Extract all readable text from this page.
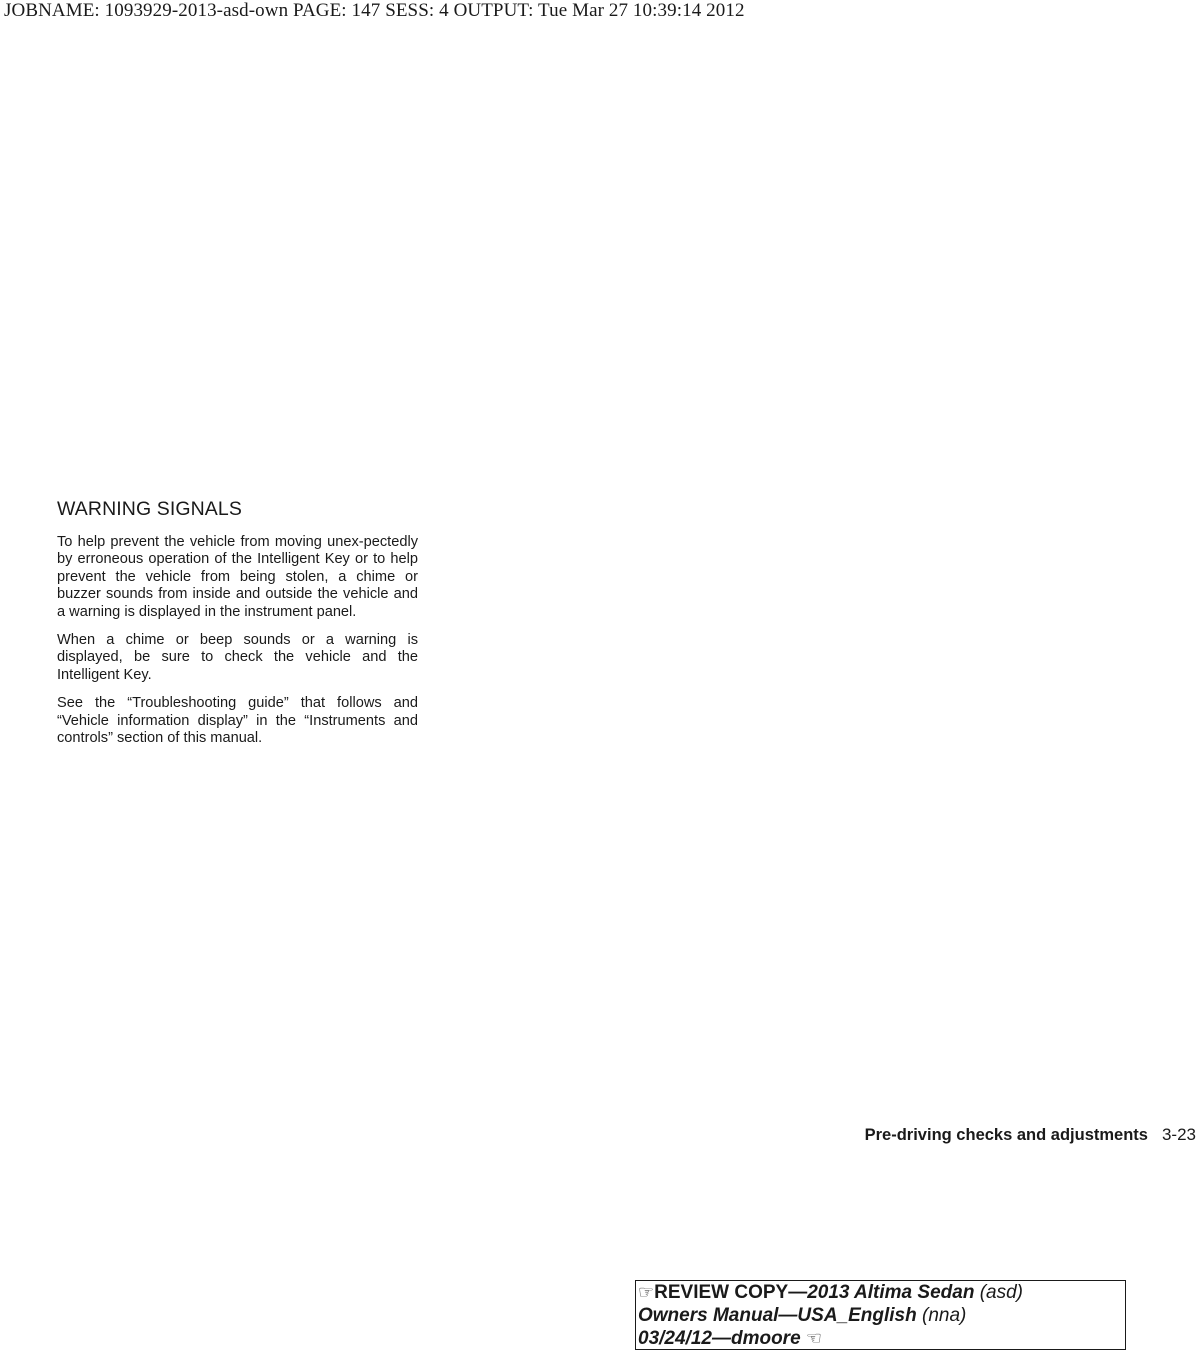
JOBNAME: 1093929-2013-asd-own PAGE: 147 SESS: 4 OUTPUT: Tue Mar 27 10:39:14 2012
WARNING SIGNALS

To help prevent the vehicle from moving unex-pectedly by erroneous operation of the Intelligent Key or to help prevent the vehicle from being stolen, a chime or buzzer sounds from inside and outside the vehicle and a warning is displayed in the instrument panel.

When a chime or beep sounds or a warning is displayed, be sure to check the vehicle and the Intelligent Key.

See the “Troubleshooting guide” that follows and “Vehicle information display” in the “Instruments and controls” section of this manual.

Pre-driving checks and adjustments 3-23
☞REVIEW COPY—2013 Altima Sedan (asd)
Owners Manual—USA_English (nna)
03/24/12—dmoore ☜
